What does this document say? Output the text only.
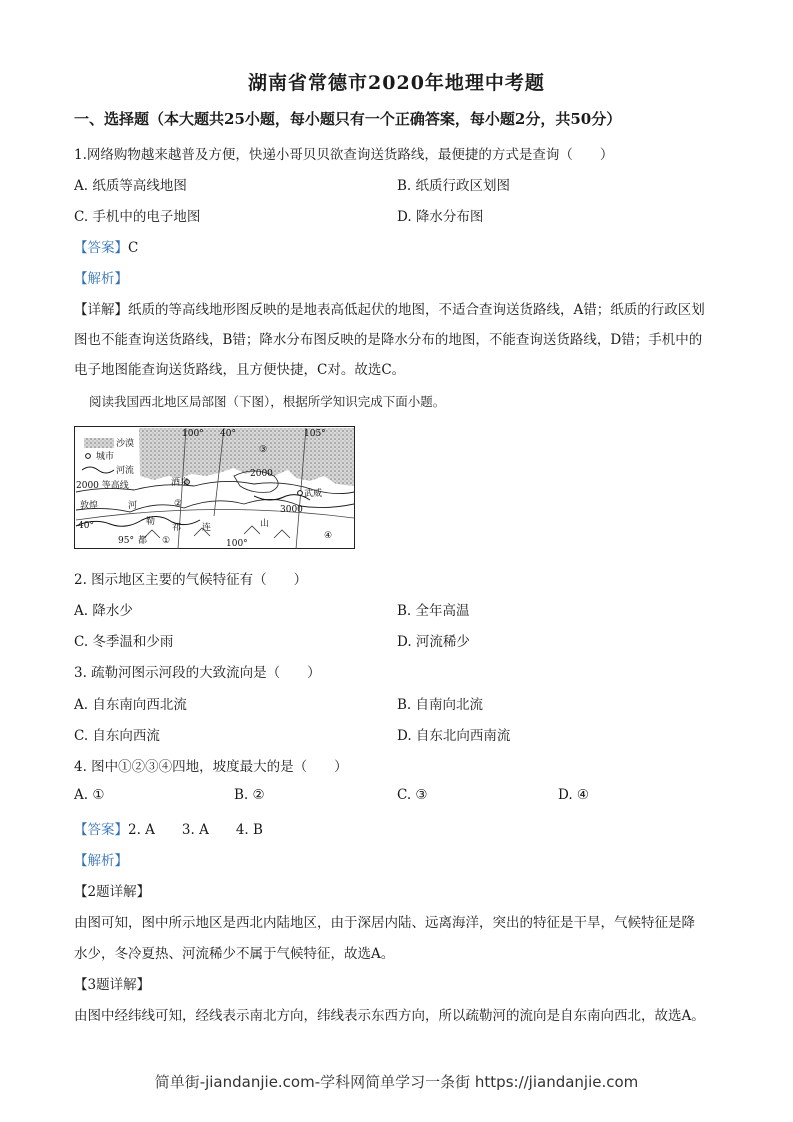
湖南省常德市2020年地理中考题
一、选择题（本大题共25小题，每小题只有一个正确答案，每小题2分，共50分）
1.网络购物越来越普及方便，快递小哥贝贝欲查询送货路线，最便捷的方式是查询（　　）
A. 纸质等高线地图	B. 纸质行政区划图
C. 手机中的电子地图	D. 降水分布图
【答案】C
【解析】
【详解】纸质的等高线地形图反映的是地表高低起伏的地图，不适合查询送货路线，A错；纸质的行政区划
图也不能查询送货路线，B错；降水分布图反映的是降水分布的地图，不能查询送货路线，D错；手机中的
电子地图能查询送货路线，且方便快捷，C对。故选C。
阅读我国西北地区局部图（下图），根据所学知识完成下面小题。
沙漠
城市
河流
2000 等高线
100° 40°	105°
酒泉
②
③
2000
武威
3000
敦煌	河
勒
祁 连	山
40°
95° 都 ①	100°
④
2. 图示地区主要的气候特征有（　　）
A. 降水少	B. 全年高温
C. 冬季温和少雨	D. 河流稀少
3. 疏勒河图示河段的大致流向是（　　）
A. 自东南向西北流	B. 自南向北流
C. 自东向西流	D. 自东北向西南流
4. 图中①②③④四地，坡度最大的是（　　）
A. ①	B. ②	C. ③	D. ④
【答案】2. A　　3. A　　4. B
【解析】
【2题详解】
由图可知，图中所示地区是西北内陆地区，由于深居内陆、远离海洋，突出的特征是干旱，气候特征是降
水少，冬冷夏热、河流稀少不属于气候特征，故选A。
【3题详解】
由图中经纬线可知，经线表示南北方向，纬线表示东西方向，所以疏勒河的流向是自东南向西北，故选A。
简单街-jiandanjie.com-学科网简单学习一条街 https://jiandanjie.com
